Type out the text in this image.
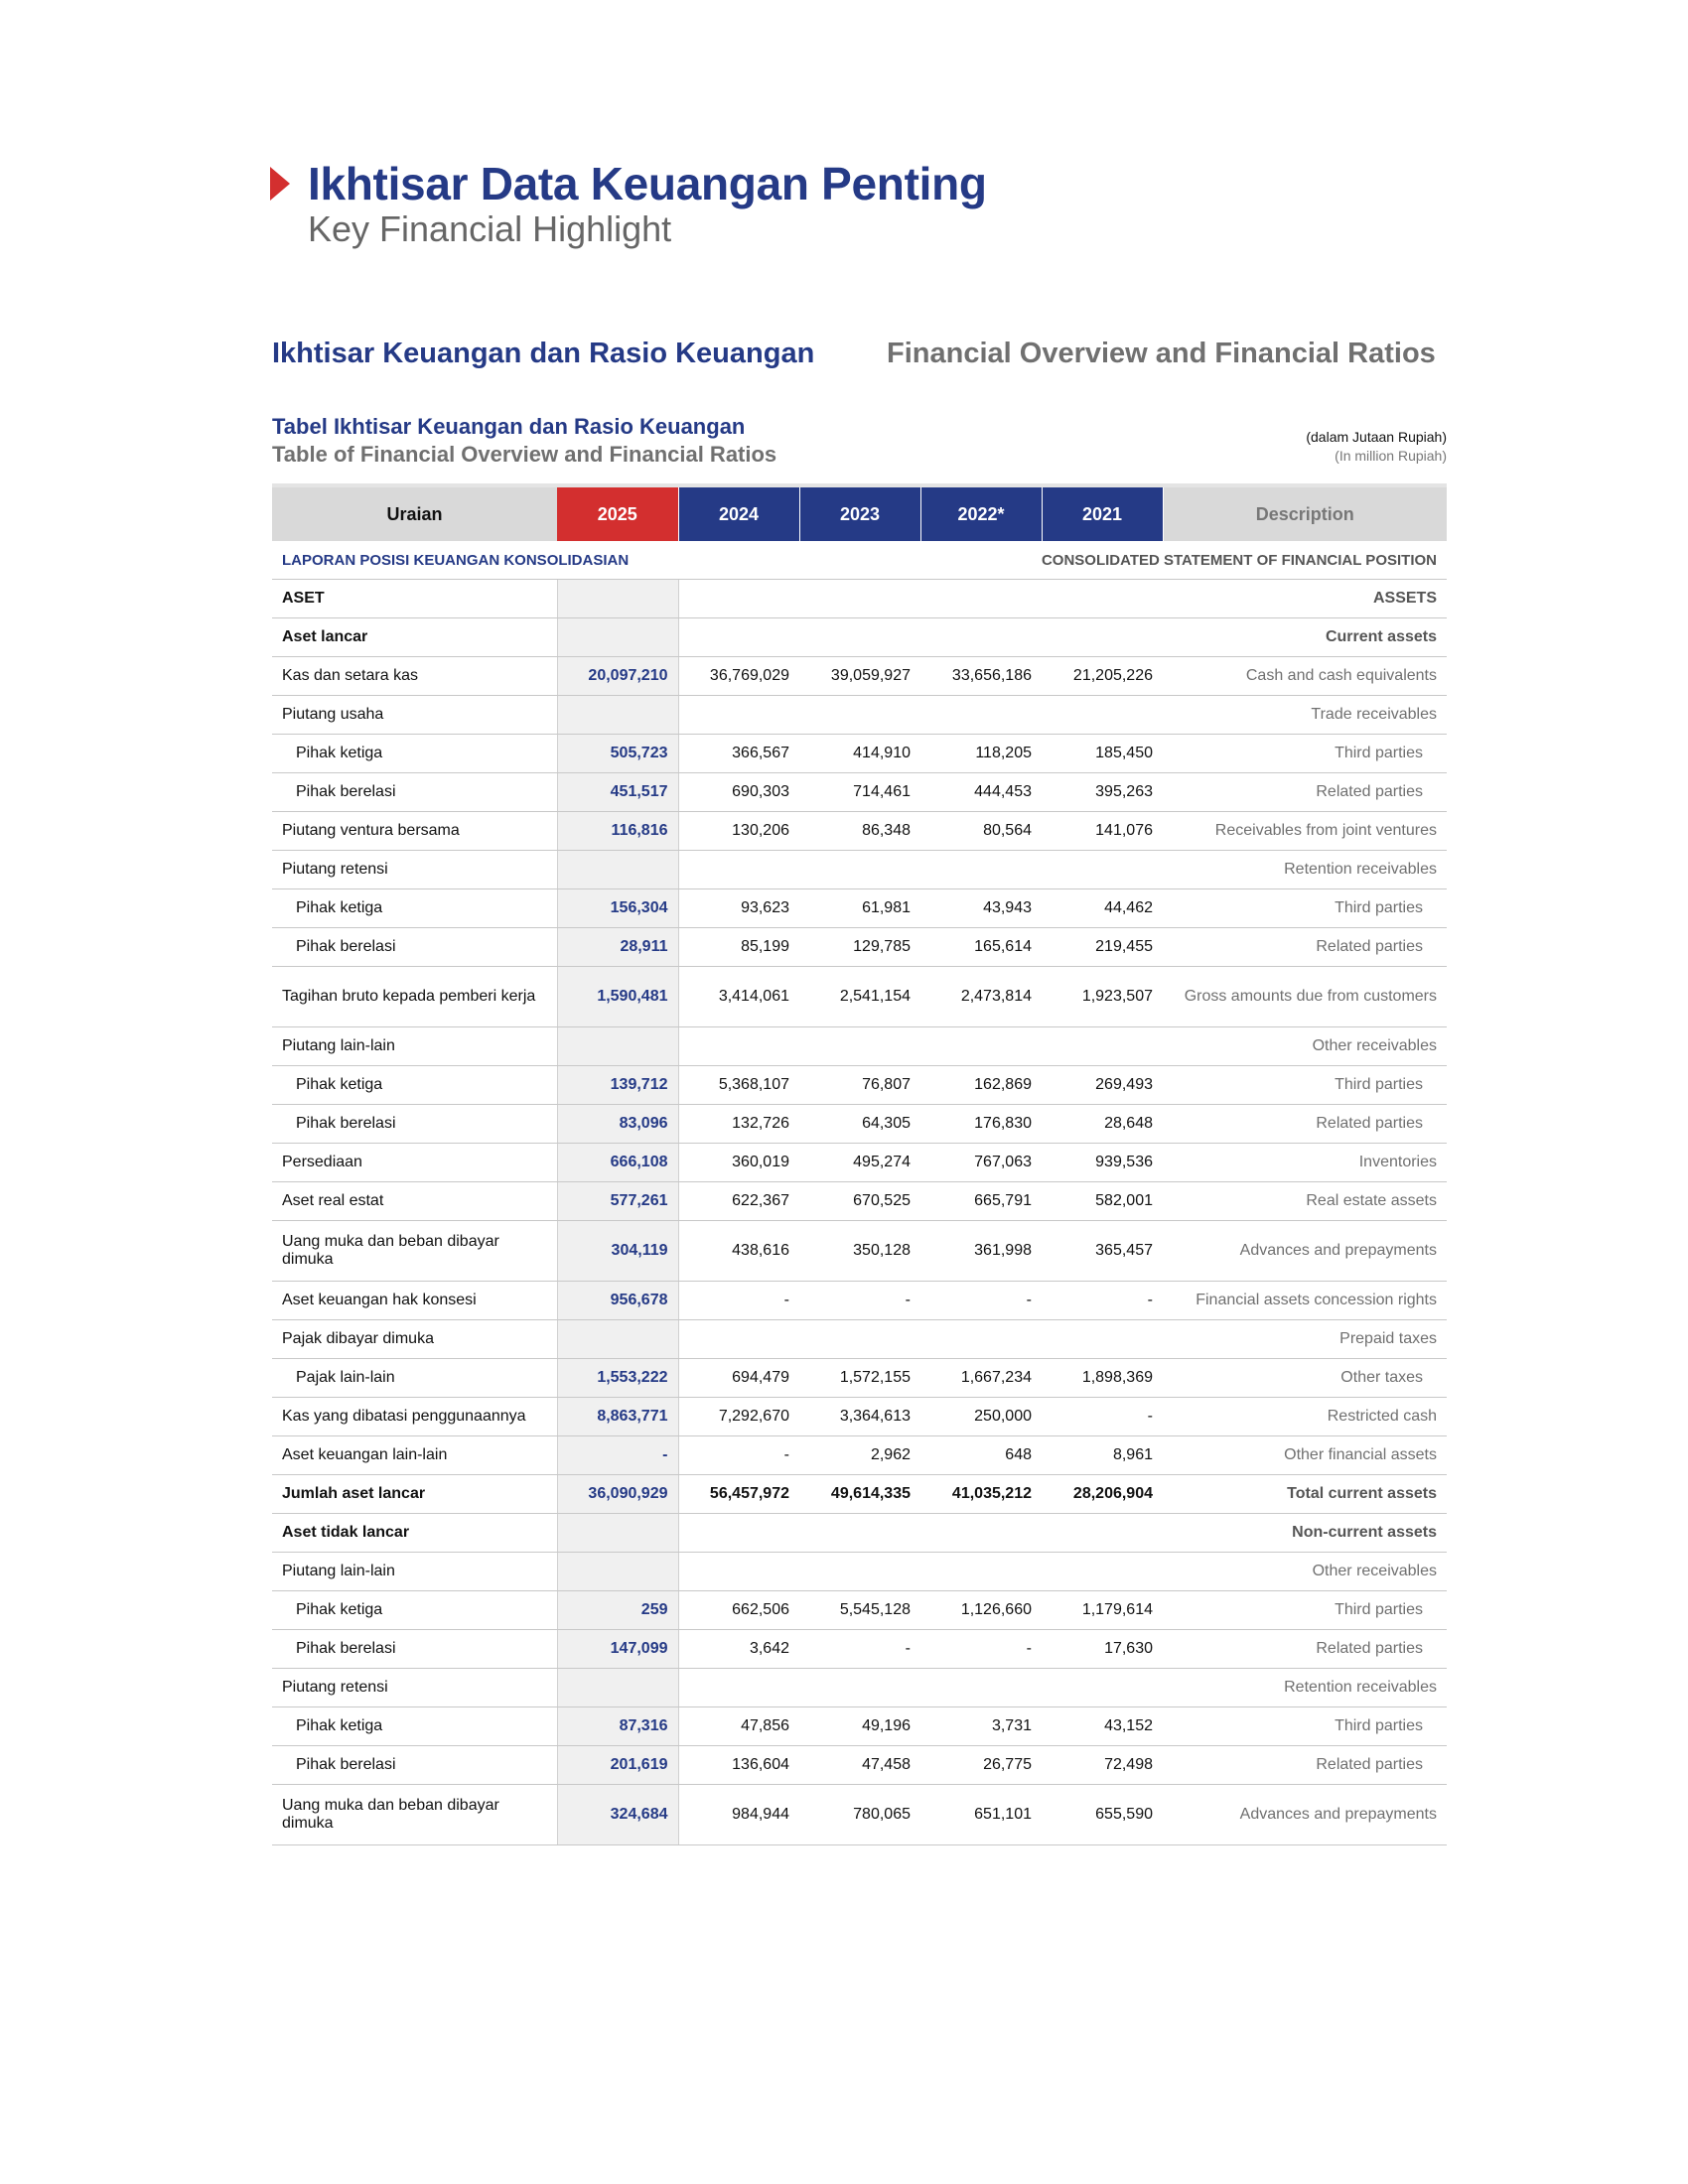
Ikhtisar Data Keuangan Penting
Key Financial Highlight
Ikhtisar Keuangan dan Rasio Keuangan	Financial Overview and Financial Ratios
Tabel Ikhtisar Keuangan dan Rasio Keuangan
Table of Financial Overview and Financial Ratios
(dalam Jutaan Rupiah)
(In million Rupiah)
Uraian	2025	2024	2023	2022*	2021	Description
LAPORAN POSISI KEUANGAN KONSOLIDASIAN			CONSOLIDATED STATEMENT OF FINANCIAL POSITION			
ASET						ASSETS
Aset lancar						Current assets
Kas dan setara kas	20,097,210	36,769,029	39,059,927	33,656,186	21,205,226	Cash and cash equivalents
Piutang usaha						Trade receivables
Pihak ketiga	505,723	366,567	414,910	118,205	185,450	Third parties
Pihak berelasi	451,517	690,303	714,461	444,453	395,263	Related parties
Piutang ventura bersama	116,816	130,206	86,348	80,564	141,076	Receivables from joint ventures
Piutang retensi						Retention receivables
Pihak ketiga	156,304	93,623	61,981	43,943	44,462	Third parties
Pihak berelasi	28,911	85,199	129,785	165,614	219,455	Related parties
Tagihan bruto kepada pemberi kerja	1,590,481	3,414,061	2,541,154	2,473,814	1,923,507	Gross amounts due from customers
Piutang lain-lain						Other receivables
Pihak ketiga	139,712	5,368,107	76,807	162,869	269,493	Third parties
Pihak berelasi	83,096	132,726	64,305	176,830	28,648	Related parties
Persediaan	666,108	360,019	495,274	767,063	939,536	Inventories
Aset real estat	577,261	622,367	670,525	665,791	582,001	Real estate assets
Uang muka dan beban dibayar dimuka	304,119	438,616	350,128	361,998	365,457	Advances and prepayments
Aset keuangan hak konsesi	956,678	-	-	-	-	Financial assets concession rights
Pajak dibayar dimuka						Prepaid taxes
Pajak lain-lain	1,553,222	694,479	1,572,155	1,667,234	1,898,369	Other taxes
Kas yang dibatasi penggunaannya	8,863,771	7,292,670	3,364,613	250,000	-	Restricted cash
Aset keuangan lain-lain	-	-	2,962	648	8,961	Other financial assets
Jumlah aset lancar	36,090,929	56,457,972	49,614,335	41,035,212	28,206,904	Total current assets
Aset tidak lancar						Non-current assets
Piutang lain-lain						Other receivables
Pihak ketiga	259	662,506	5,545,128	1,126,660	1,179,614	Third parties
Pihak berelasi	147,099	3,642	-	-	17,630	Related parties
Piutang retensi						Retention receivables
Pihak ketiga	87,316	47,856	49,196	3,731	43,152	Third parties
Pihak berelasi	201,619	136,604	47,458	26,775	72,498	Related parties
Uang muka dan beban dibayar dimuka	324,684	984,944	780,065	651,101	655,590	Advances and prepayments
